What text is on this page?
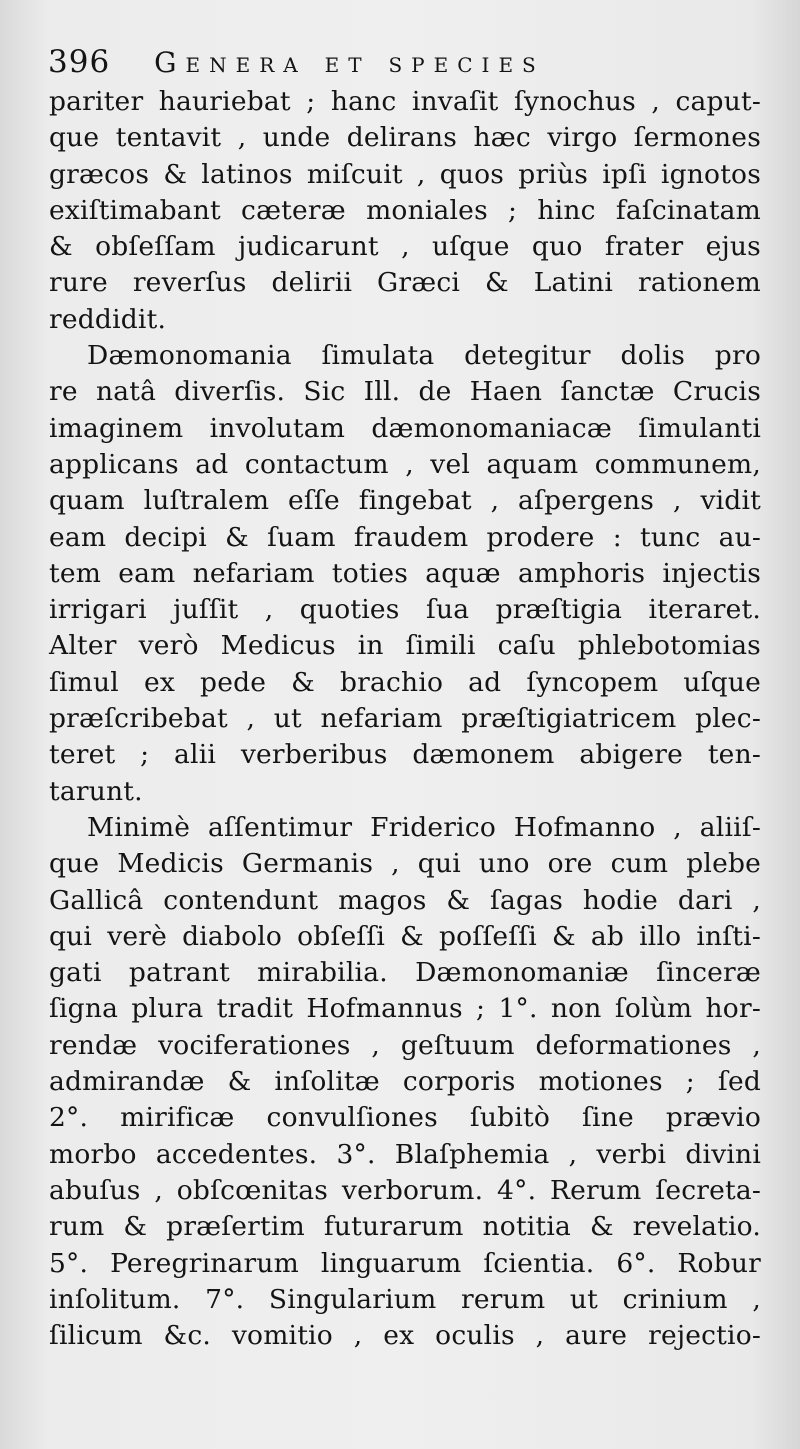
396 Genera et species
pariter hauriebat ; hanc invaſit ſynochus , caput-
que tentavit , unde delirans hæc virgo ſermones
græcos & latinos miſcuit , quos priùs ipſi ignotos
exiſtimabant cæteræ moniales ; hinc faſcinatam
& obſeſſam judicarunt , uſque quo frater ejus
rure reverſus delirii Græci & Latini rationem
reddidit.
Dæmonomania ſimulata detegitur dolis pro
re natâ diverſis. Sic Ill. de Haen ſanctæ Crucis
imaginem involutam dæmonomaniacæ ſimulanti
applicans ad contactum , vel aquam communem,
quam luſtralem eſſe fingebat , aſpergens , vidit
eam decipi & ſuam fraudem prodere : tunc au-
tem eam nefariam toties aquæ amphoris injectis
irrigari juſſit , quoties ſua præſtigia iteraret.
Alter verò Medicus in ſimili caſu phlebotomias
ſimul ex pede & brachio ad ſyncopem uſque
præſcribebat , ut nefariam præſtigiatricem plec-
teret ; alii verberibus dæmonem abigere ten-
tarunt.
Minimè aſſentimur Friderico Hofmanno , aliiſ-
que Medicis Germanis , qui uno ore cum plebe
Gallicâ contendunt magos & ſagas hodie dari ,
qui verè diabolo obſeſſi & poſſeſſi & ab illo inſti-
gati patrant mirabilia. Dæmonomaniæ ſinceræ
ſigna plura tradit Hofmannus ; 1°. non ſolùm hor-
rendæ vociferationes , geſtuum deformationes ,
admirandæ & inſolitæ corporis motiones ; ſed
2°. mirificæ convulſiones ſubitò ſine prævio
morbo accedentes. 3°. Blaſphemia , verbi divini
abuſus , obſcœnitas verborum. 4°. Rerum ſecreta-
rum & præſertim futurarum notitia & revelatio.
5°. Peregrinarum linguarum ſcientia. 6°. Robur
inſolitum. 7°. Singularium rerum ut crinium ,
ſilicum &c. vomitio , ex oculis , aure rejectio-
